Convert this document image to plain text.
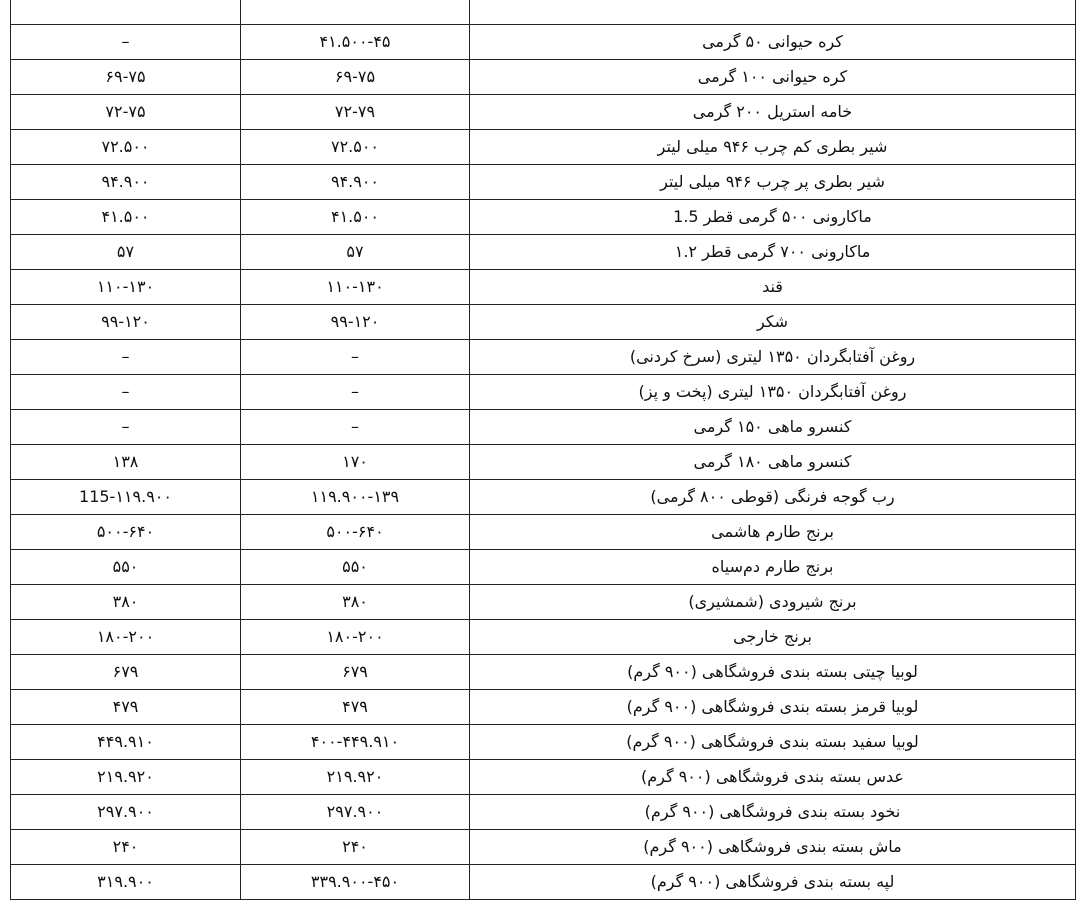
–	۴۱.۵۰۰-۴۵	کره حیوانی ۵۰ گرمی
۶۹-۷۵	۶۹-۷۵	کره حیوانی ۱۰۰ گرمی
۷۲-۷۵	۷۲-۷۹	خامه استریل ۲۰۰ گرمی
۷۲.۵۰۰	۷۲.۵۰۰	شیر بطری کم چرب ۹۴۶ میلی لیتر
۹۴.۹۰۰	۹۴.۹۰۰	شیر بطری پر چرب ۹۴۶ میلی لیتر
۴۱.۵۰۰	۴۱.۵۰۰	ماکارونی ۵۰۰ گرمی قطر 1.5
۵۷	۵۷	ماکارونی ۷۰۰ گرمی قطر ۱.۲
۱۱۰-۱۳۰	۱۱۰-۱۳۰	قند
۹۹-۱۲۰	۹۹-۱۲۰	شکر
–	–	روغن آفتابگردان ۱۳۵۰ لیتری (سرخ کردنی)
–	–	روغن آفتابگردان ۱۳۵۰ لیتری (پخت و پز)
–	–	کنسرو ماهی ۱۵۰ گرمی
۱۳۸	۱۷۰	کنسرو ماهی ۱۸۰ گرمی
115-۱۱۹.۹۰۰	۱۱۹.۹۰۰-۱۳۹	رب گوجه فرنگی (قوطی ۸۰۰ گرمی)
۵۰۰-۶۴۰	۵۰۰-۶۴۰	برنج طارم هاشمی
۵۵۰	۵۵۰	برنج طارم دم‌سیاه
۳۸۰	۳۸۰	برنج شیرودی (شمشیری)
۱۸۰-۲۰۰	۱۸۰-۲۰۰	برنج خارجی
۶۷۹	۶۷۹	لوبیا چیتی بسته بندی فروشگاهی (۹۰۰ گرم)
۴۷۹	۴۷۹	لوبیا قرمز بسته بندی فروشگاهی (۹۰۰ گرم)
۴۴۹.۹۱۰	۴۰۰-۴۴۹.۹۱۰	لوبیا سفید بسته بندی فروشگاهی (۹۰۰ گرم)
۲۱۹.۹۲۰	۲۱۹.۹۲۰	عدس بسته بندی فروشگاهی (۹۰۰ گرم)
۲۹۷.۹۰۰	۲۹۷.۹۰۰	نخود بسته بندی فروشگاهی (۹۰۰ گرم)
۲۴۰	۲۴۰	ماش بسته بندی فروشگاهی (۹۰۰ گرم)
۳۱۹.۹۰۰	۳۳۹.۹۰۰-۴۵۰	لپه بسته بندی فروشگاهی (۹۰۰ گرم)
